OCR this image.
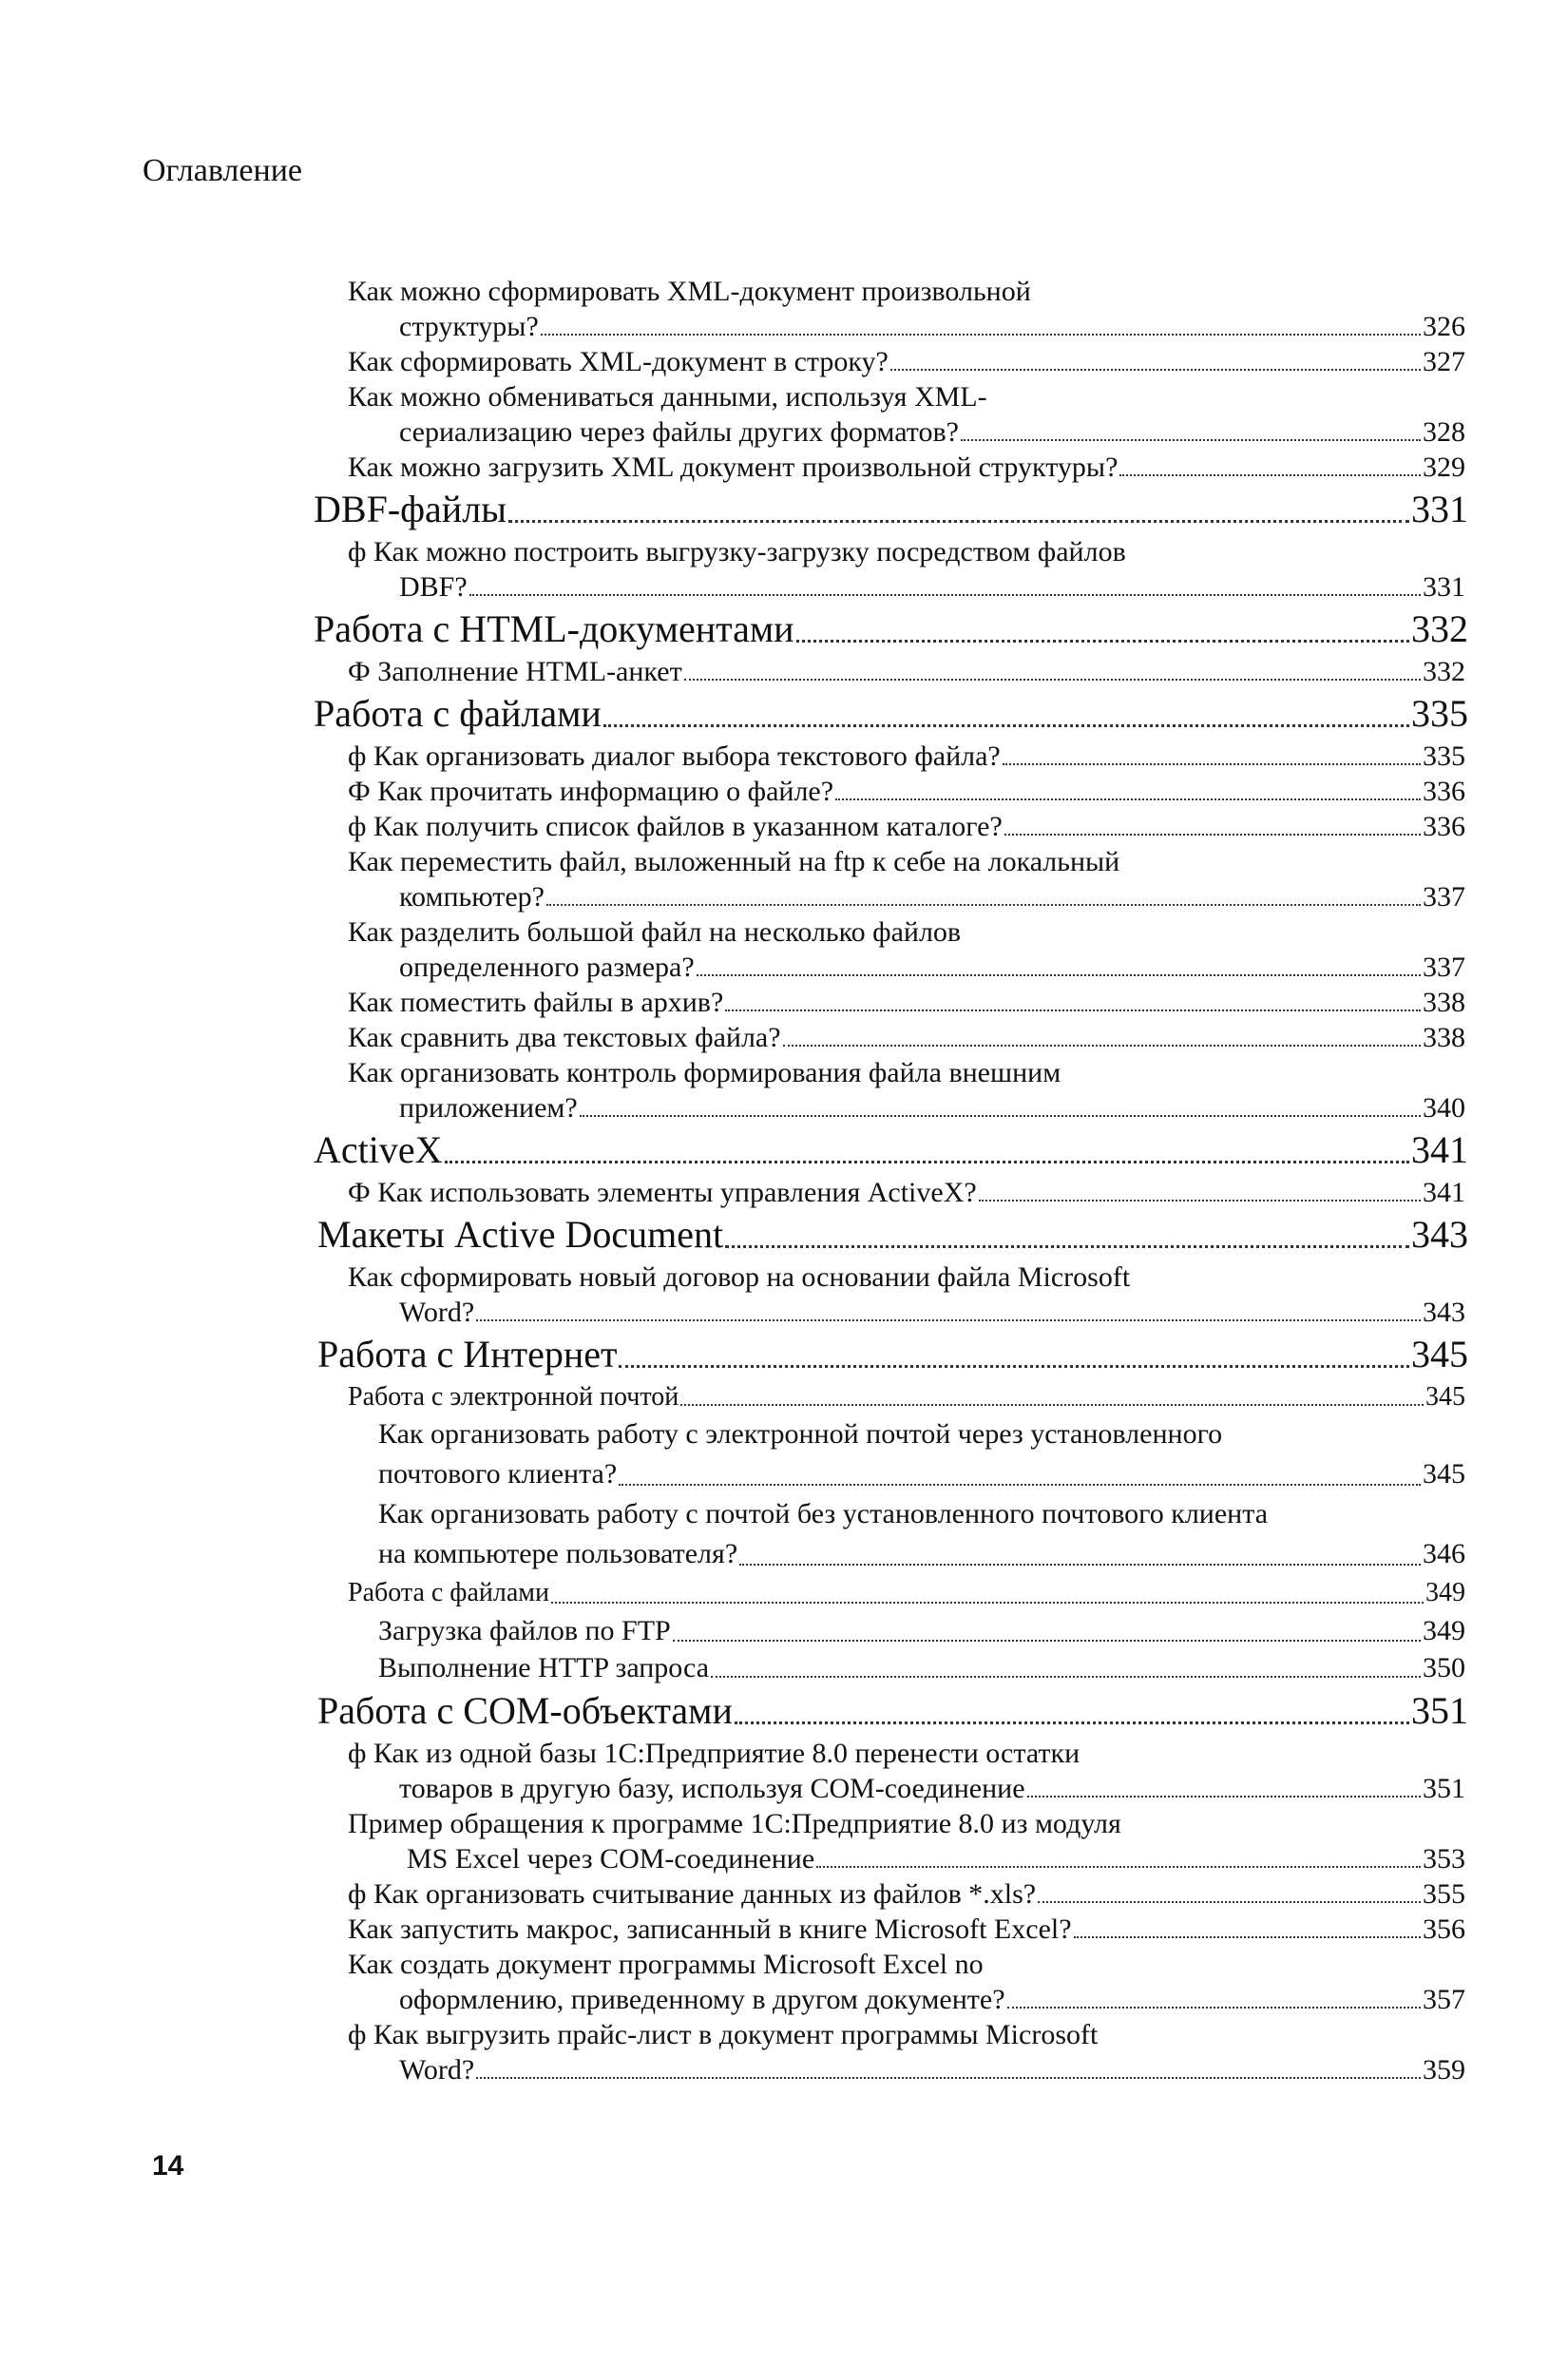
Оглавление
Как можно сформировать XML-документ произвольной
структуры?	326
Как сформировать XML-документ в строку?	327
Как можно обмениваться данными, используя XML-
сериализацию через файлы других форматов?	328
Как можно загрузить XML документ произвольной структуры?	329
DBF-файлы	331
ф Как можно построить выгрузку-загрузку посредством файлов
DBF?	331
Работа с HTML-документами	332
Ф Заполнение HTML-анкет	332
Работа с файлами	335
ф Как организовать диалог выбора текстового файла?	335
Ф Как прочитать информацию о файле?	336
ф Как получить список файлов в указанном каталоге?	336
Как переместить файл, выложенный на ftp к себе на локальный
компьютер?	337
Как разделить большой файл на несколько файлов
определенного размера?	337
Как поместить файлы в архив?	338
Как сравнить два текстовых файла?	338
Как организовать контроль формирования файла внешним
приложением?	340
ActiveX	341
Ф Как использовать элементы управления ActiveX?	341
Макеты Active Document	343
Как сформировать новый договор на основании файла Microsoft
Word?	343
Работа с Интернет	345
Работа с электронной почтой	345
Как организовать работу с электронной почтой через установленного
почтового клиента?	345
Как организовать работу с почтой без установленного почтового клиента
на компьютере пользователя?	346
Работа с файлами	349
Загрузка файлов по FTP	349
Выполнение HTTP запроса	350
Работа с COM-объектами	351
ф Как из одной базы 1С:Предприятие 8.0 перенести остатки
товаров в другую базу, используя COM-соединение	351
Пример обращения к программе 1С:Предприятие 8.0 из модуля
MS Excel через COM-соединение	353
ф Как организовать считывание данных из файлов *.xls?	355
Как запустить макрос, записанный в книге Microsoft Excel?	356
Как создать документ программы Microsoft Excel no
оформлению, приведенному в другом документе?	357
ф Как выгрузить прайс-лист в документ программы Microsoft
Word?	359
14
